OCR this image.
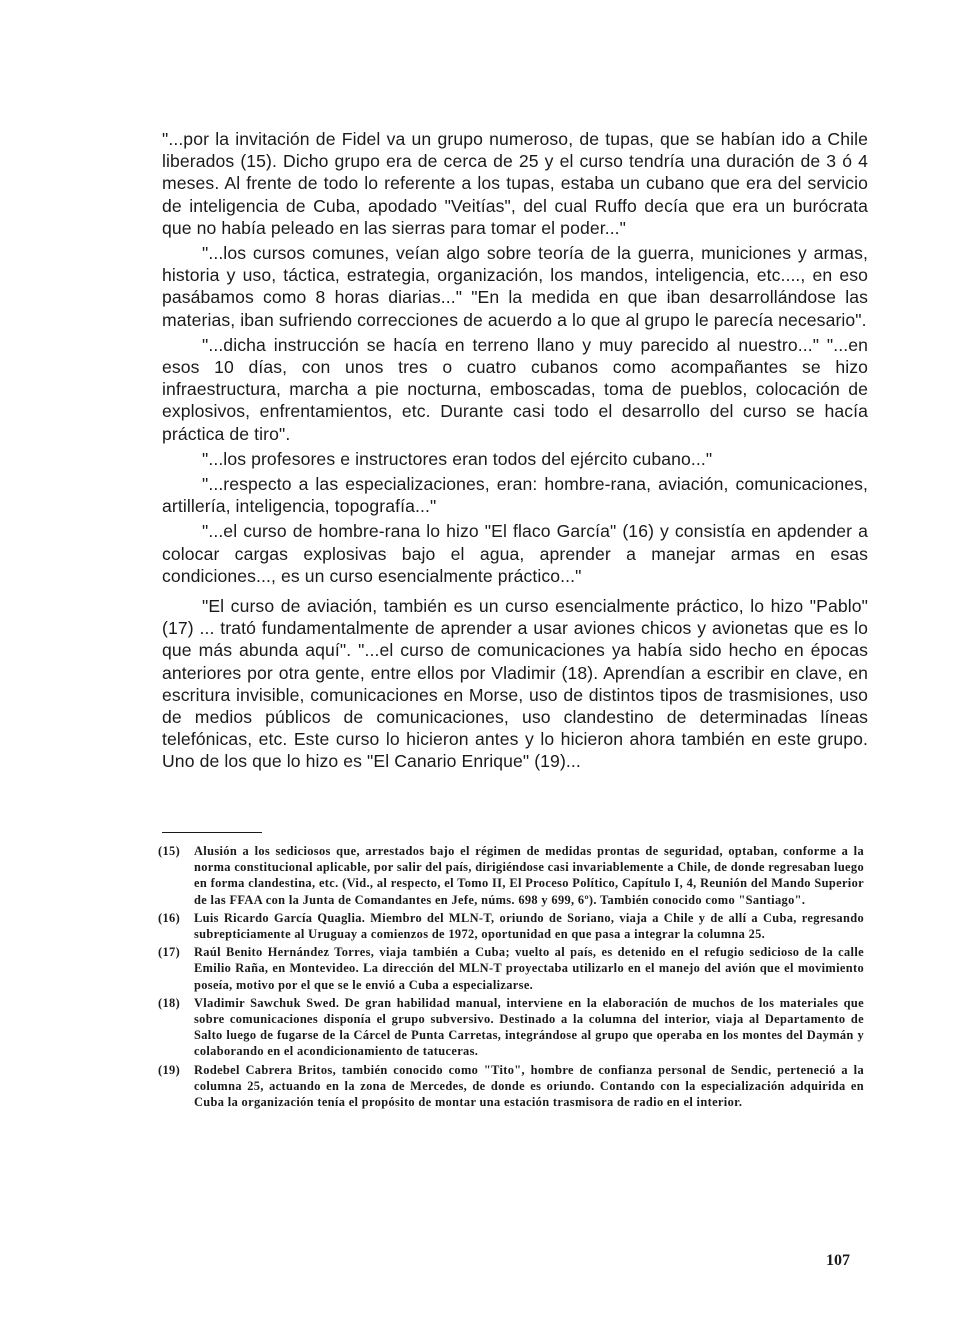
"...por la invitación de Fidel va un grupo numeroso, de tupas, que se habían ido a Chile liberados (15). Dicho grupo era de cerca de 25 y el curso tendría una duración de 3 ó 4 meses. Al frente de todo lo referente a los tupas, estaba un cubano que era del servicio de inteligencia de Cuba, apodado "Veitías", del cual Ruffo decía que era un burócrata que no había peleado en las sierras para tomar el poder..."

"...los cursos comunes, veían algo sobre teoría de la guerra, municiones y armas, historia y uso, táctica, estrategia, organización, los mandos, inteligencia, etc...., en eso pasábamos como 8 horas diarias..." "En la medida en que iban desarrollándose las materias, iban sufriendo correcciones de acuerdo a lo que al grupo le parecía necesario".

"...dicha instrucción se hacía en terreno llano y muy parecido al nuestro..." "...en esos 10 días, con unos tres o cuatro cubanos como acompañantes se hizo infraestructura, marcha a pie nocturna, emboscadas, toma de pueblos, colocación de explosivos, enfrentamientos, etc. Durante casi todo el desarrollo del curso se hacía práctica de tiro".

"...los profesores e instructores eran todos del ejército cubano..."

"...respecto a las especializaciones, eran: hombre-rana, aviación, comunicaciones, artillería, inteligencia, topografía..."

"...el curso de hombre-rana lo hizo "El flaco García" (16) y consistía en apdender a colocar cargas explosivas bajo el agua, aprender a manejar armas en esas condiciones..., es un curso esencialmente práctico..."

"El curso de aviación, también es un curso esencialmente práctico, lo hizo "Pablo" (17) ... trató fundamentalmente de aprender a usar aviones chicos y avionetas que es lo que más abunda aquí". "...el curso de comunicaciones ya había sido hecho en épocas anteriores por otra gente, entre ellos por Vladimir (18). Aprendían a escribir en clave, en escritura invisible, comunicaciones en Morse, uso de distintos tipos de trasmisiones, uso de medios públicos de comunicaciones, uso clandestino de determinadas líneas telefónicas, etc. Este curso lo hicieron antes y lo hicieron ahora también en este grupo. Uno de los que lo hizo es "El Canario Enrique" (19)...

(15)	Alusión a los sediciosos que, arrestados bajo el régimen de medidas prontas de seguridad, optaban, conforme a la norma constitucional aplicable, por salir del país, dirigiéndose casi invariablemente a Chile, de donde regresaban luego en forma clandestina, etc. (Vid., al respecto, el Tomo II, El Proceso Político, Capítulo I, 4, Reunión del Mando Superior de las FFAA con la Junta de Comandantes en Jefe, núms. 698 y 699, 6º). También conocido como "Santiago".
(16)	Luis Ricardo García Quaglia. Miembro del MLN-T, oriundo de Soriano, viaja a Chile y de allí a Cuba, regresando subrepticiamente al Uruguay a comienzos de 1972, oportunidad en que pasa a integrar la columna 25.
(17)	Raúl Benito Hernández Torres, viaja también a Cuba; vuelto al país, es detenido en el refugio sedicioso de la calle Emilio Raña, en Montevideo. La dirección del MLN-T proyectaba utilizarlo en el manejo del avión que el movimiento poseía, motivo por el que se le envió a Cuba a especializarse.
(18)	Vladimir Sawchuk Swed. De gran habilidad manual, interviene en la elaboración de muchos de los materiales que sobre comunicaciones disponía el grupo subversivo. Destinado a la columna del interior, viaja al Departamento de Salto luego de fugarse de la Cárcel de Punta Carretas, integrándose al grupo que operaba en los montes del Daymán y colaborando en el acondicionamiento de tatuceras.
(19)	Rodebel Cabrera Britos, también conocido como "Tito", hombre de confianza personal de Sendic, perteneció a la columna 25, actuando en la zona de Mercedes, de donde es oriundo. Contando con la especialización adquirida en Cuba la organización tenía el propósito de montar una estación trasmisora de radio en el interior.
107
